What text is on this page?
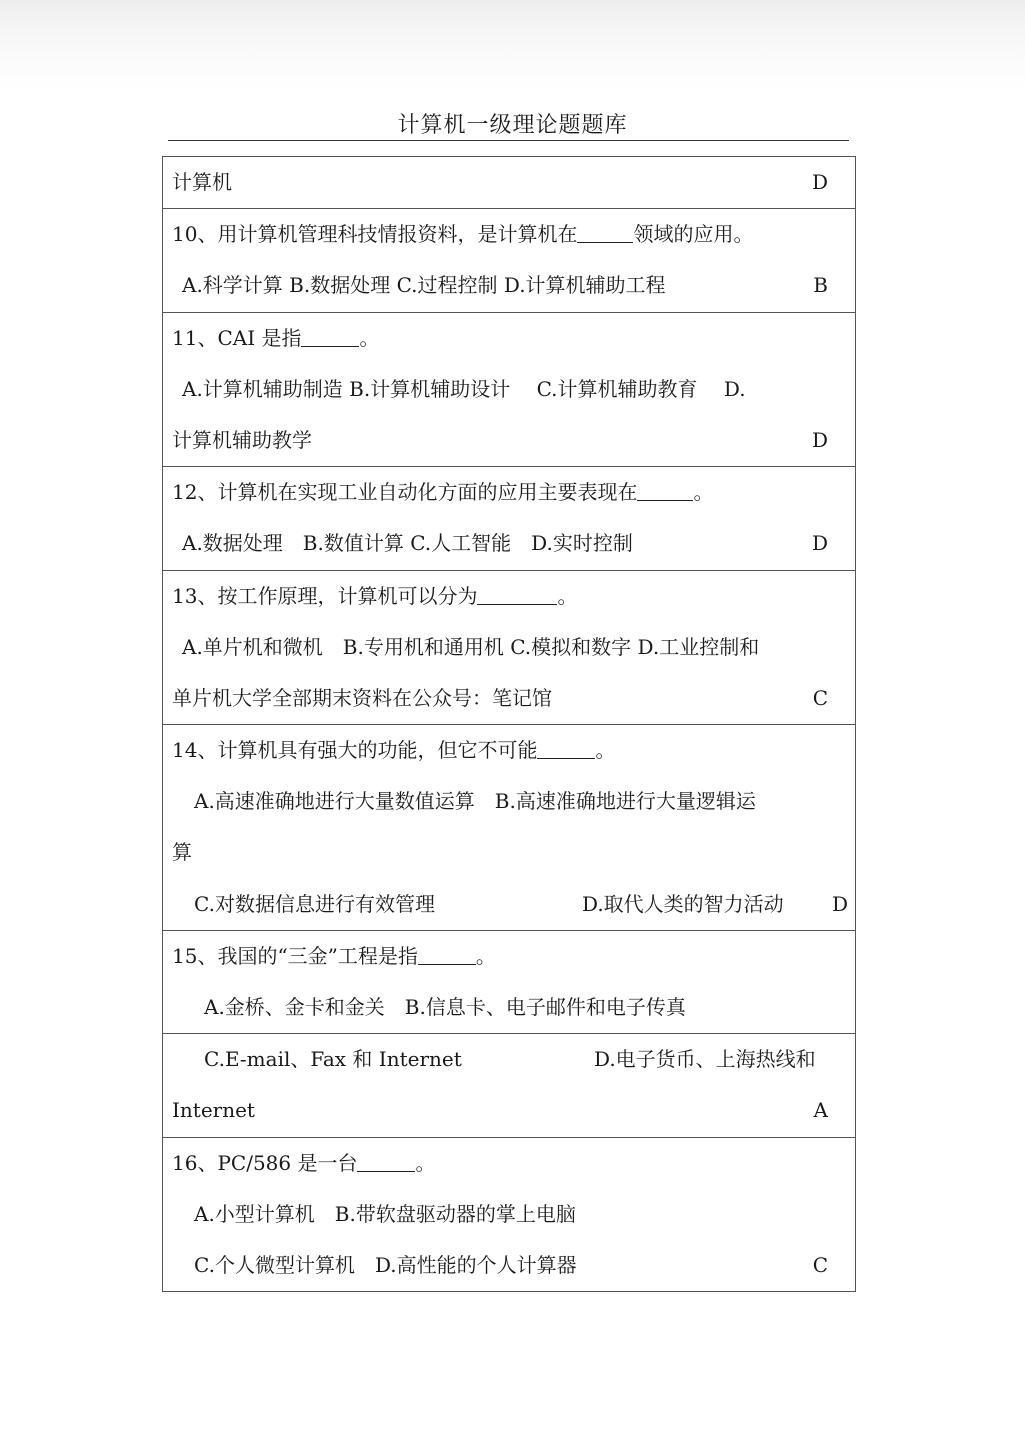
计算机一级理论题题库
计算机	D
10、用计算机管理科技情报资料，是计算机在	领域的应用。
A.科学计算 B.数据处理 C.过程控制 D.计算机辅助工程	B
11、CAI 是指	。
A.计算机辅助制造 B.计算机辅助设计　 C.计算机辅助教育　 D.
计算机辅助教学	D
12、计算机在实现工业自动化方面的应用主要表现在	。
A.数据处理　B.数值计算 C.人工智能　D.实时控制	D
13、按工作原理，计算机可以分为	。
A.单片机和微机　B.专用机和通用机 C.模拟和数字 D.工业控制和
单片机大学全部期末资料在公众号：笔记馆	C
14、计算机具有强大的功能，但它不可能	。
A.高速准确地进行大量数值运算　B.高速准确地进行大量逻辑运
算
C.对数据信息进行有效管理	D.取代人类的智力活动 D
15、我国的“三金”工程是指	。
A.金桥、金卡和金关　B.信息卡、电子邮件和电子传真
C.E-mail、Fax 和 Internet	D.电子货币、上海热线和
Internet	A
16、PC/586 是一台	。
A.小型计算机　B.带软盘驱动器的掌上电脑
C.个人微型计算机　D.高性能的个人计算器	C
